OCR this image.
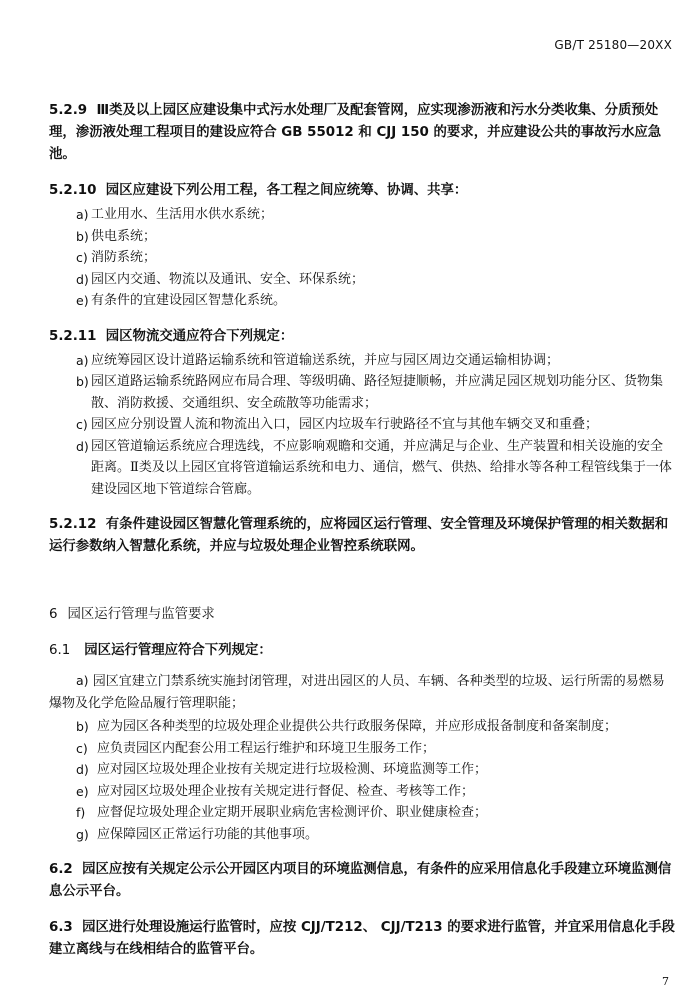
GB/T 25180—20XX

5.2.9 Ⅲ类及以上园区应建设集中式污水处理厂及配套管网，应实现渗沥液和污水分类收集、分质预处理，渗沥液处理工程项目的建设应符合 GB 55012 和 CJJ 150 的要求，并应建设公共的事故污水应急池。

5.2.10 园区应建设下列公用工程，各工程之间应统筹、协调、共享：

a) 工业用水、生活用水供水系统；
b) 供电系统；
c) 消防系统；
d) 园区内交通、物流以及通讯、安全、环保系统；
e) 有条件的宜建设园区智慧化系统。

5.2.11 园区物流交通应符合下列规定：

a) 应统筹园区设计道路运输系统和管道输送系统，并应与园区周边交通运输相协调；
b) 园区道路运输系统路网应布局合理、等级明确、路径短捷顺畅，并应满足园区规划功能分区、货物集散、消防救援、交通组织、安全疏散等功能需求；
c) 园区应分别设置人流和物流出入口，园区内垃圾车行驶路径不宜与其他车辆交叉和重叠；
d) 园区管道输运系统应合理选线，不应影响观瞻和交通，并应满足与企业、生产装置和相关设施的安全距离。Ⅱ类及以上园区宜将管道输运系统和电力、通信，燃气、供热、给排水等各种工程管线集于一体建设园区地下管道综合管廊。

5.2.12 有条件建设园区智慧化管理系统的，应将园区运行管理、安全管理及环境保护管理的相关数据和运行参数纳入智慧化系统，并应与垃圾处理企业智控系统联网。

6 园区运行管理与监管要求

6.1 园区运行管理应符合下列规定：

a) 园区宜建立门禁系统实施封闭管理，对进出园区的人员、车辆、各种类型的垃圾、运行所需的易燃易爆物及化学危险品履行管理职能；
b) 应为园区各种类型的垃圾处理企业提供公共行政服务保障，并应形成报备制度和备案制度；
c) 应负责园区内配套公用工程运行维护和环境卫生服务工作；
d) 应对园区垃圾处理企业按有关规定进行垃圾检测、环境监测等工作；
e) 应对园区垃圾处理企业按有关规定进行督促、检查、考核等工作；
f) 应督促垃圾处理企业定期开展职业病危害检测评价、职业健康检查；
g) 应保障园区正常运行功能的其他事项。

6.2 园区应按有关规定公示公开园区内项目的环境监测信息，有条件的应采用信息化手段建立环境监测信息公示平台。

6.3 园区进行处理设施运行监管时，应按 CJJ/T212、 CJJ/T213 的要求进行监管，并宜采用信息化手段建立离线与在线相结合的监管平台。

7
